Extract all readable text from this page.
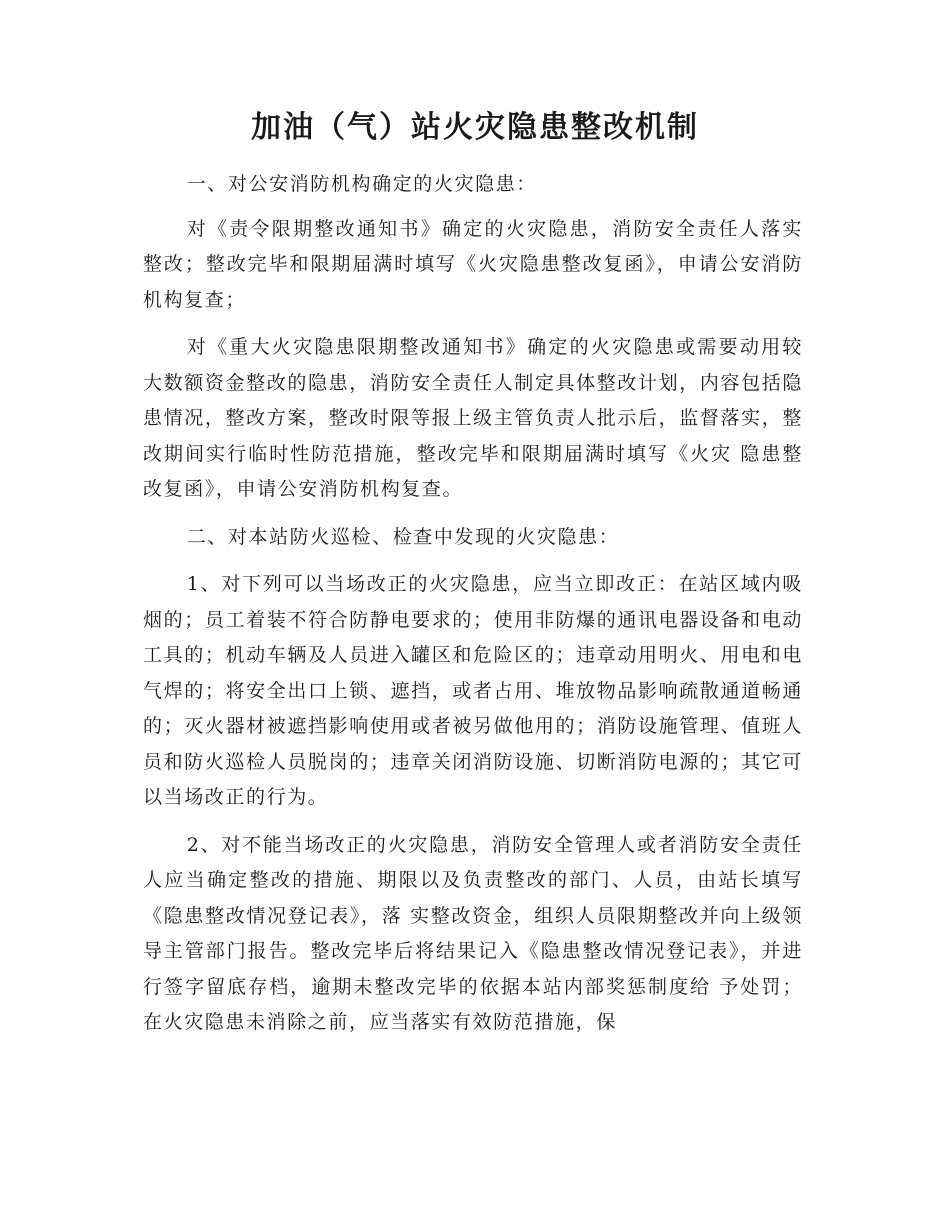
加油（气）站火灾隐患整改机制

一、对公安消防机构确定的火灾隐患：

对《责令限期整改通知书》确定的火灾隐患，消防安全责任人落实整改；整改完毕和限期届满时填写《火灾隐患整改复函》，申请公安消防机构复查；

对《重大火灾隐患限期整改通知书》确定的火灾隐患或需要动用较大数额资金整改的隐患，消防安全责任人制定具体整改计划，内容包括隐患情况，整改方案，整改时限等报上级主管负责人批示后，监督落实，整改期间实行临时性防范措施，整改完毕和限期届满时填写《火灾 隐患整改复函》，申请公安消防机构复查。

二、对本站防火巡检、检查中发现的火灾隐患：

1、对下列可以当场改正的火灾隐患，应当立即改正：在站区域内吸烟的；员工着装不符合防静电要求的；使用非防爆的通讯电器设备和电动工具的；机动车辆及人员进入罐区和危险区的；违章动用明火、用电和电气焊的；将安全出口上锁、遮挡，或者占用、堆放物品影响疏散通道畅通的；灭火器材被遮挡影响使用或者被另做他用的；消防设施管理、值班人员和防火巡检人员脱岗的；违章关闭消防设施、切断消防电源的；其它可以当场改正的行为。

2、对不能当场改正的火灾隐患，消防安全管理人或者消防安全责任人应当确定整改的措施、期限以及负责整改的部门、人员，由站长填写《隐患整改情况登记表》，落 实整改资金，组织人员限期整改并向上级领导主管部门报告。整改完毕后将结果记入《隐患整改情况登记表》，并进行签字留底存档，逾期未整改完毕的依据本站内部奖惩制度给 予处罚；在火灾隐患未消除之前，应当落实有效防范措施，保
